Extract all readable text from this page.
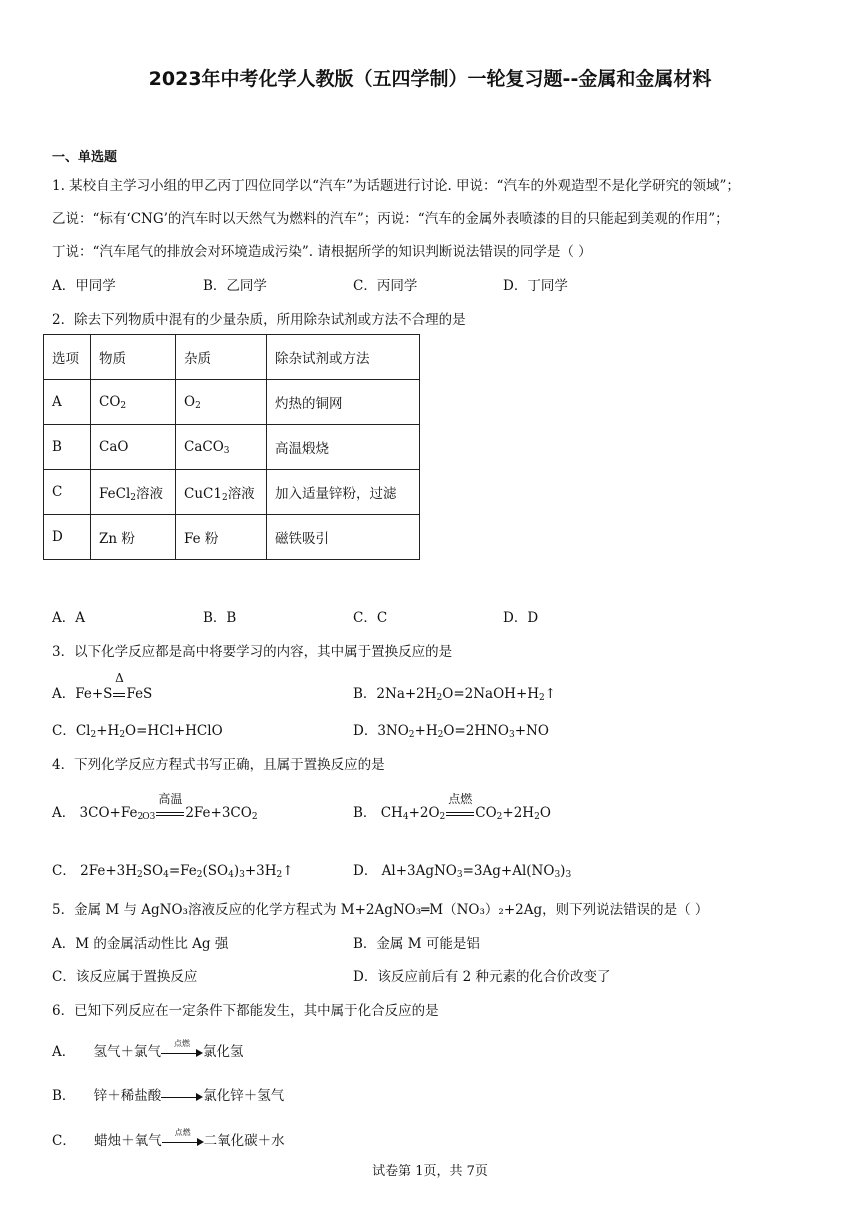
2023年中考化学人教版（五四学制）一轮复习题--金属和金属材料
一、单选题
1. 某校自主学习小组的甲乙丙丁四位同学以“汽车”为话题进行讨论. 甲说：“汽车的外观造型不是化学研究的领域”；
乙说：“标有‘CNG’的汽车时以天然气为燃料的汽车”；丙说：“汽车的金属外表喷漆的目的只能起到美观的作用”；
丁说：“汽车尾气的排放会对环境造成污染”. 请根据所学的知识判断说法错误的同学是（ ）
A．甲同学	B．乙同学	C．丙同学	D．丁同学
2．除去下列物质中混有的少量杂质，所用除杂试剂或方法不合理的是
选项	物质	杂质	除杂试剂或方法
A	$CO_2$	$O_2$	灼热的铜网
B	CaO	CaCO$_3$	高温煅烧
C	FeCl$_2$溶液	$CuC1_2$溶液	加入适量锌粉，过滤
D	Zn 粉	Fe 粉	磁铁吸引
A．A	B．B	C．C	D．D
3．以下化学反应都是高中将要学习的内容，其中属于置换反应的是
A．Fe+S
Δ
FeS	B．$2Na+2H_2O=2NaOH+H_2↑$
C．$Cl_2+H_2O=HCl+HClO$	D．$3NO_2+H_2O=2HNO_3+NO$
4．下列化学反应方程式书写正确，且属于置换反应的是
A． $3CO+Fe_{2O3}$
高温
$2Fe+3CO_2$	B． $CH_4+2O_2$
点燃
$CO_2+2H_2O$
C． $2Fe+3H_2SO_4=Fe_2(SO_4)_3+3H_2↑$	D． $Al+3AgNO_3=3Ag+Al(NO_3)_3$
5．金属 M 与 AgNO₃溶液反应的化学方程式为 M+2AgNO₃═M（NO₃）₂+2Ag，则下列说法错误的是（ ）
A．M 的金属活动性比 Ag 强	B．金属 M 可能是铝
C．该反应属于置换反应	D．该反应前后有 2 种元素的化合价改变了
6．已知下列反应在一定条件下都能发生，其中属于化合反应的是
A． 氢气＋氯气
点燃
氯化氢
B． 锌＋稀盐酸	氯化锌＋氢气
C． 蜡烛＋氧气
点燃
二氧化碳＋水
试卷第 1页，共 7页
